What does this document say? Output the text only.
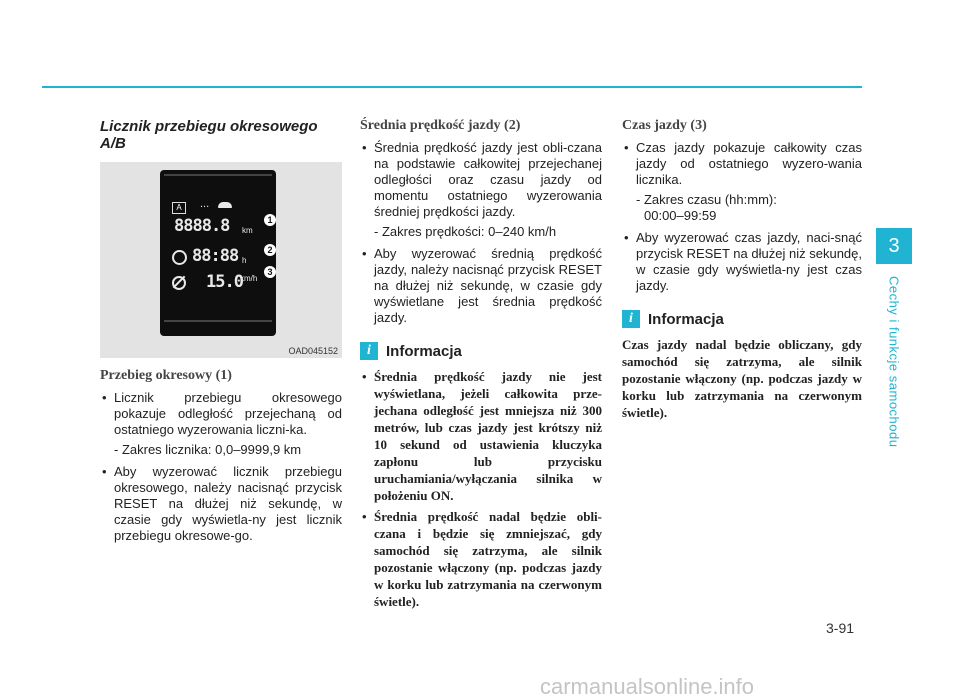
3
Cechy i funkcje samochodu
Licznik przebiegu okresowego A/B
A	...
8888.8 km
88:88 h
15.0
km/h
1
2
3
OAD045152
Przebieg okresowy (1)

• Licznik przebiegu okresowego pokazuje odległość przejechaną od ostatniego wyzerowania liczni-ka.

- Zakres licznika: 0,0–9999,9 km

• Aby wyzerować licznik przebiegu okresowego, należy nacisnąć przycisk RESET na dłużej niż sekundę, w czasie gdy wyświetla-ny jest licznik przebiegu okresowe-go.

Średnia prędkość jazdy (2)

• Średnia prędkość jazdy jest obli-czana na podstawie całkowitej przejechanej odległości oraz czasu jazdy od momentu ostatniego wyzerowania średniej prędkości jazdy.

- Zakres prędkości: 0–240 km/h

• Aby wyzerować średnią prędkość jazdy, należy nacisnąć przycisk RESET na dłużej niż sekundę, w czasie gdy wyświetlane jest średnia prędkość jazdy.

i	Informacja

• Średnia prędkość jazdy nie jest wyświetlana, jeżeli całkowita prze-jechana odległość jest mniejsza niż 300 metrów, lub czas jazdy jest krótszy niż 10 sekund od ustawienia kluczyka zapłonu lub przycisku uruchamiania/wyłączania silnika w położeniu ON.

• Średnia prędkość nadal będzie obli-czana i będzie się zmniejszać, gdy samochód się zatrzyma, ale silnik pozostanie włączony (np. podczas jazdy w korku lub zatrzymania na czerwonym świetle).

Czas jazdy (3)

• Czas jazdy pokazuje całkowity czas jazdy od ostatniego wyzero-wania licznika.

- Zakres czasu (hh:mm):

00:00–99:59

• Aby wyzerować czas jazdy, naci-snąć przycisk RESET na dłużej niż sekundę, w czasie gdy wyświetla-ny jest czas jazdy.

i	Informacja

Czas jazdy nadal będzie obliczany, gdy samochód się zatrzyma, ale silnik pozostanie włączony (np. podczas jazdy w korku lub zatrzymania na czerwonym świetle).

3-91
carmanualsonline.info
